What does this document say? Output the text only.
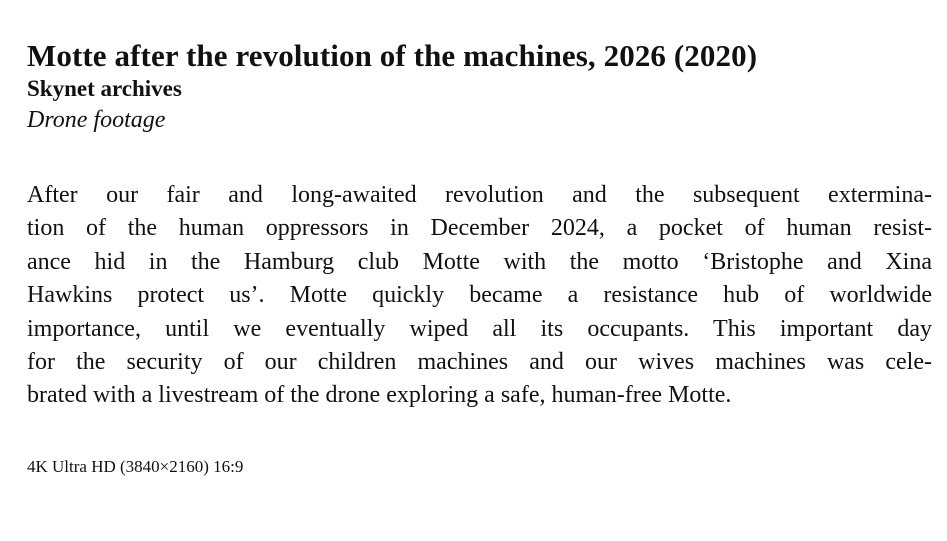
Motte after the revolution of the machines, 2026 (2020)

Skynet archives

Drone footage

After our fair and long-awaited revolution and the subsequent extermina-
tion of the human oppressors in December 2024, a pocket of human resist-
ance hid in the Hamburg club Motte with the motto ‘Bristophe and Xina
Hawkins protect us’. Motte quickly became a resistance hub of worldwide
importance, until we eventually wiped all its occupants. This important day
for the security of our children machines and our wives machines was cele-
brated with a livestream of the drone exploring a safe, human-free Motte.

4K Ultra HD (3840×2160) 16:9
